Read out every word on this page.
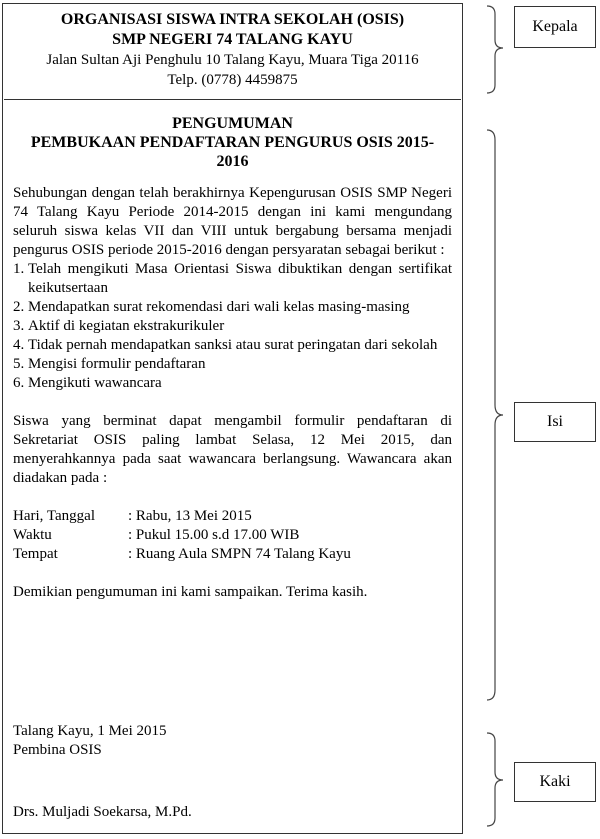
ORGANISASI SISWA INTRA SEKOLAH (OSIS)
SMP NEGERI 74 TALANG KAYU
Jalan Sultan Aji Penghulu 10 Talang Kayu, Muara Tiga 20116
Telp. (0778) 4459875
PENGUMUMAN
PEMBUKAAN PENDAFTARAN PENGURUS OSIS 2015-
2016
Sehubungan dengan telah berakhirnya Kepengurusan OSIS SMP Negeri 74 Talang Kayu Periode 2014-2015 dengan ini kami mengundang seluruh siswa kelas VII dan VIII untuk bergabung bersama menjadi pengurus OSIS periode 2015-2016 dengan persyaratan sebagai berikut :
1. Telah mengikuti Masa Orientasi Siswa dibuktikan dengan sertifikat keikutsertaan
2. Mendapatkan surat rekomendasi dari wali kelas masing-masing
3. Aktif di kegiatan ekstrakurikuler
4. Tidak pernah mendapatkan sanksi atau surat peringatan dari sekolah
5. Mengisi formulir pendaftaran
6. Mengikuti wawancara
Siswa yang berminat dapat mengambil formulir pendaftaran di Sekretariat OSIS paling lambat Selasa, 12 Mei 2015, dan menyerahkannya pada saat wawancara berlangsung. Wawancara akan diadakan pada :
Hari, Tanggal	: Rabu, 13 Mei 2015
Waktu	: Pukul 15.00 s.d 17.00 WIB
Tempat	: Ruang Aula SMPN 74 Talang Kayu
Demikian pengumuman ini kami sampaikan. Terima kasih.
Talang Kayu, 1 Mei 2015
Pembina OSIS
Drs. Muljadi Soekarsa, M.Pd.
Kepala
Isi
Kaki
